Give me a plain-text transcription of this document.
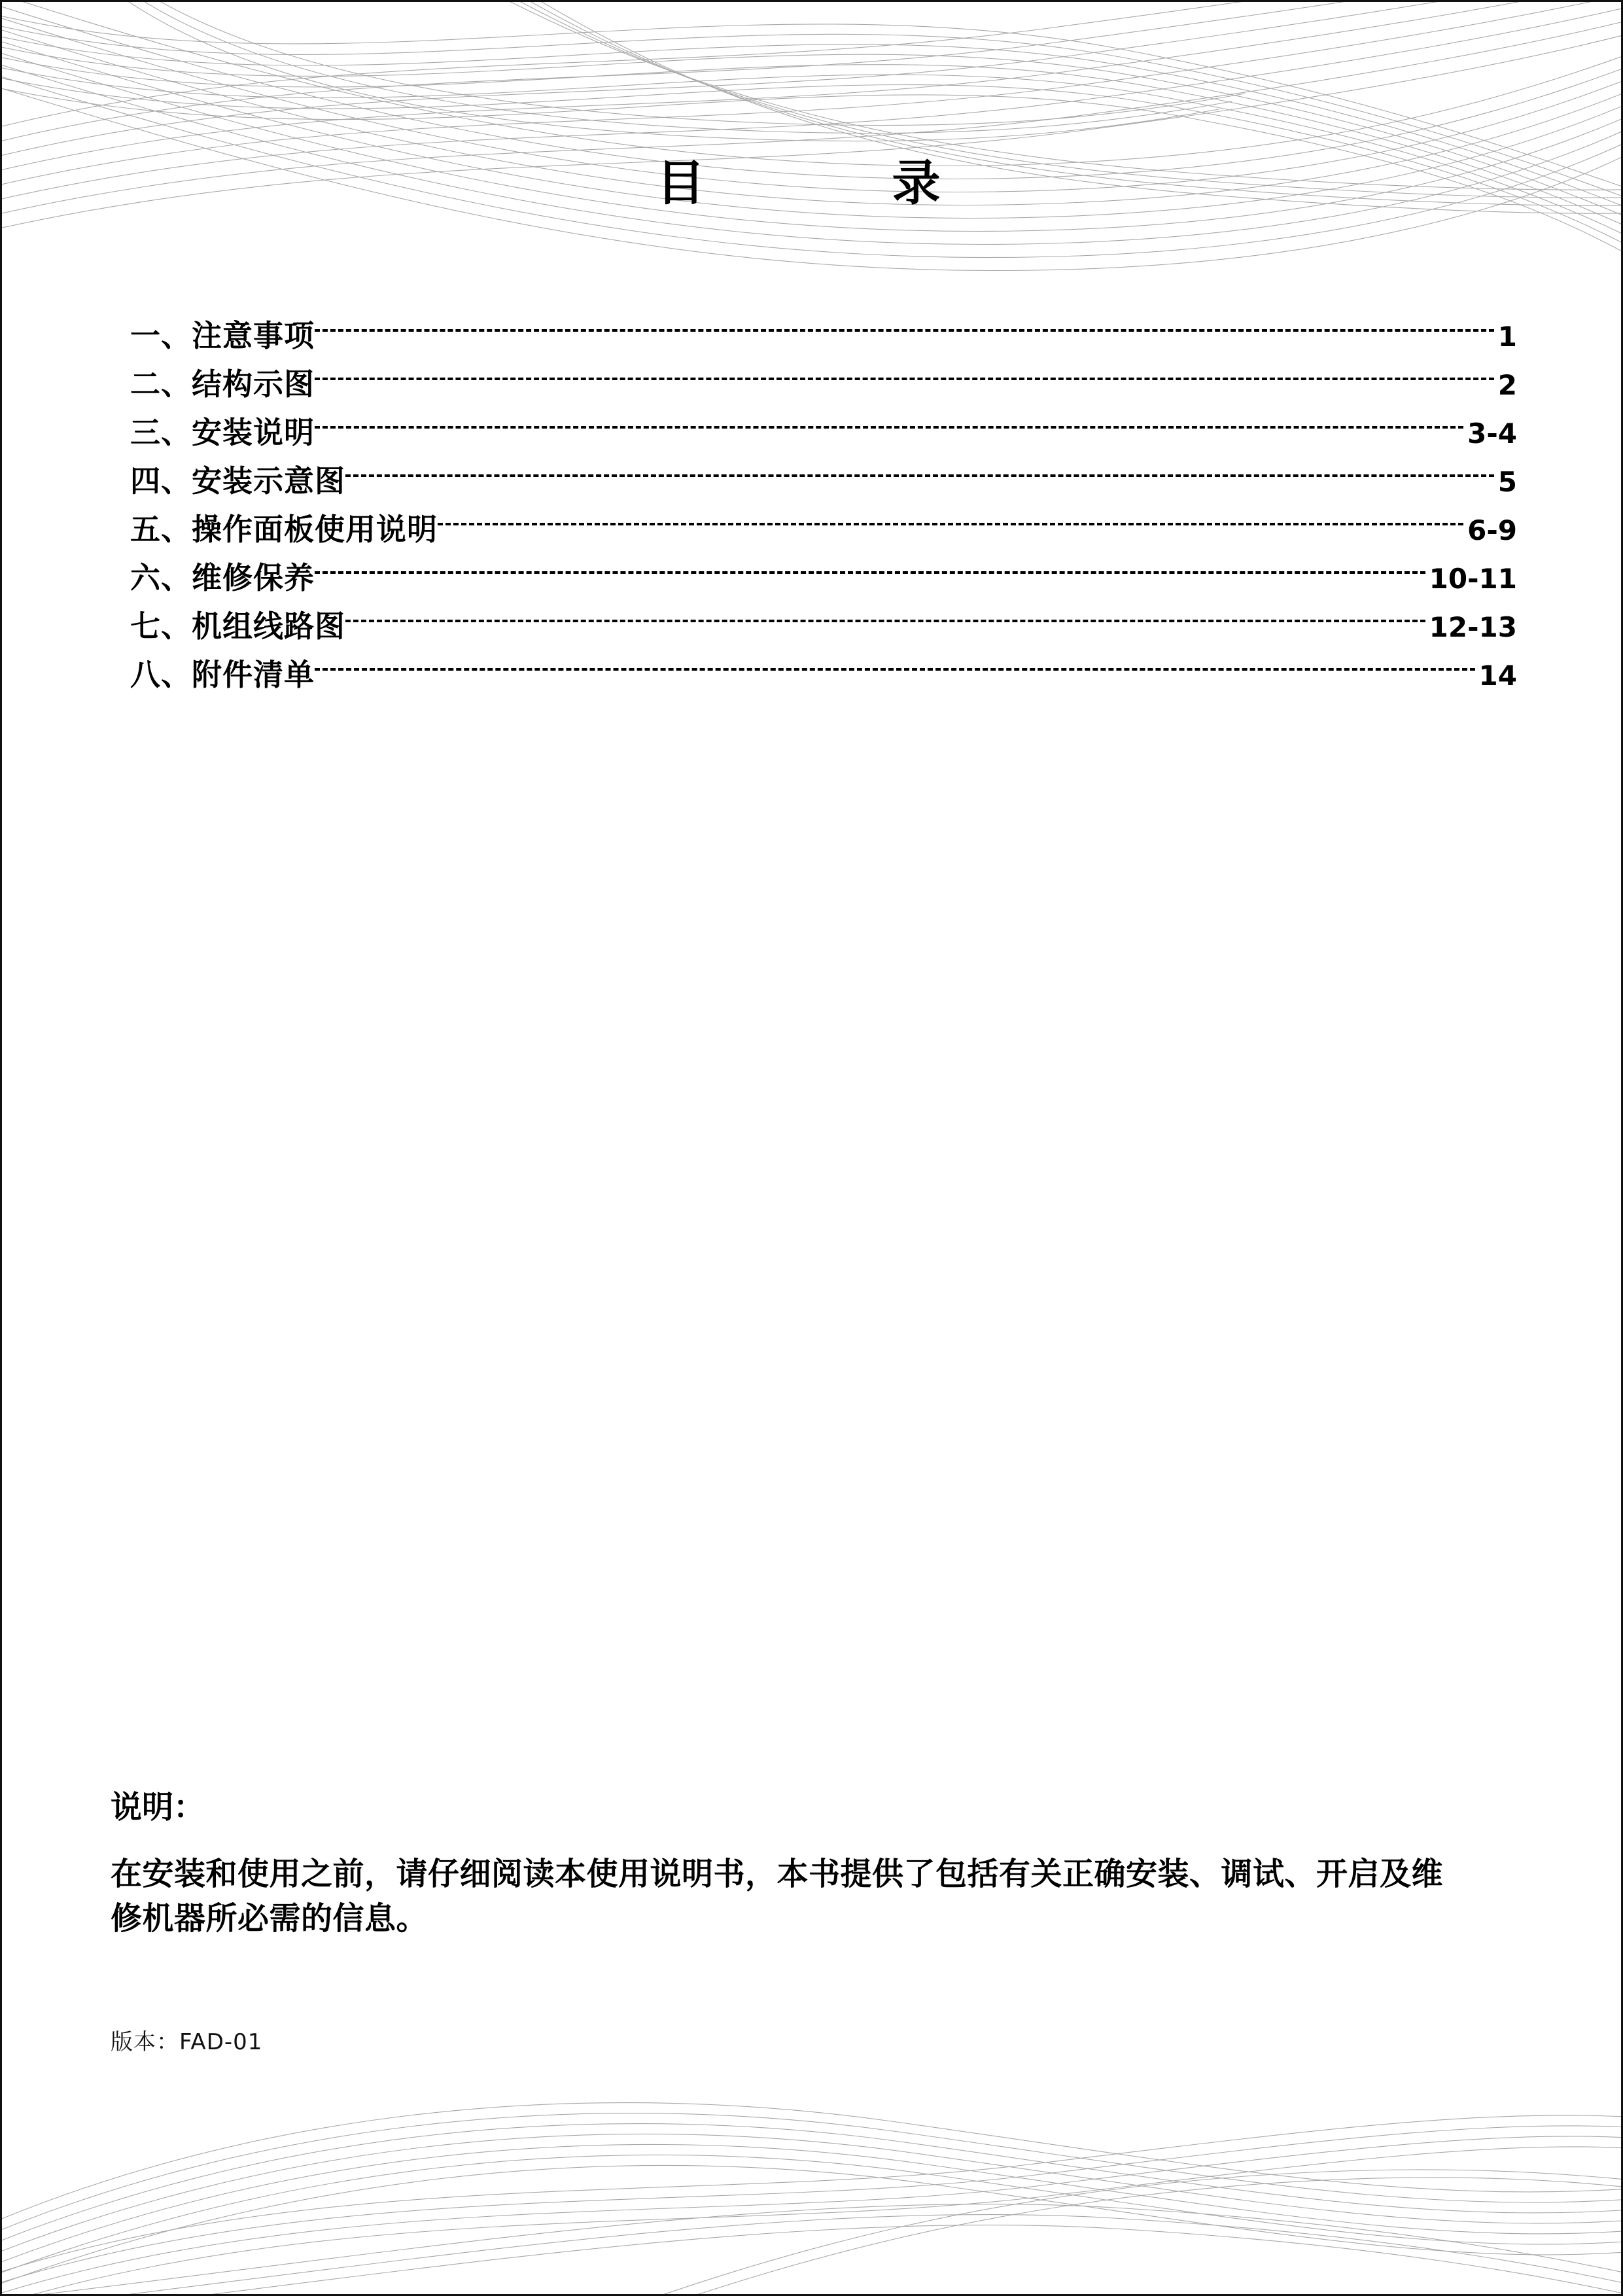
目　　录
一、注意事项	1
二、结构示图	2
三、安装说明	3-4
四、安装示意图	5
五、操作面板使用说明	6-9
六、维修保养	10-11
七、机组线路图	12-13
八、附件清单	14
说明：
在安装和使用之前，请仔细阅读本使用说明书，本书提供了包括有关正确安装、调试、开启及维修机器所必需的信息。
版本：FAD-01
